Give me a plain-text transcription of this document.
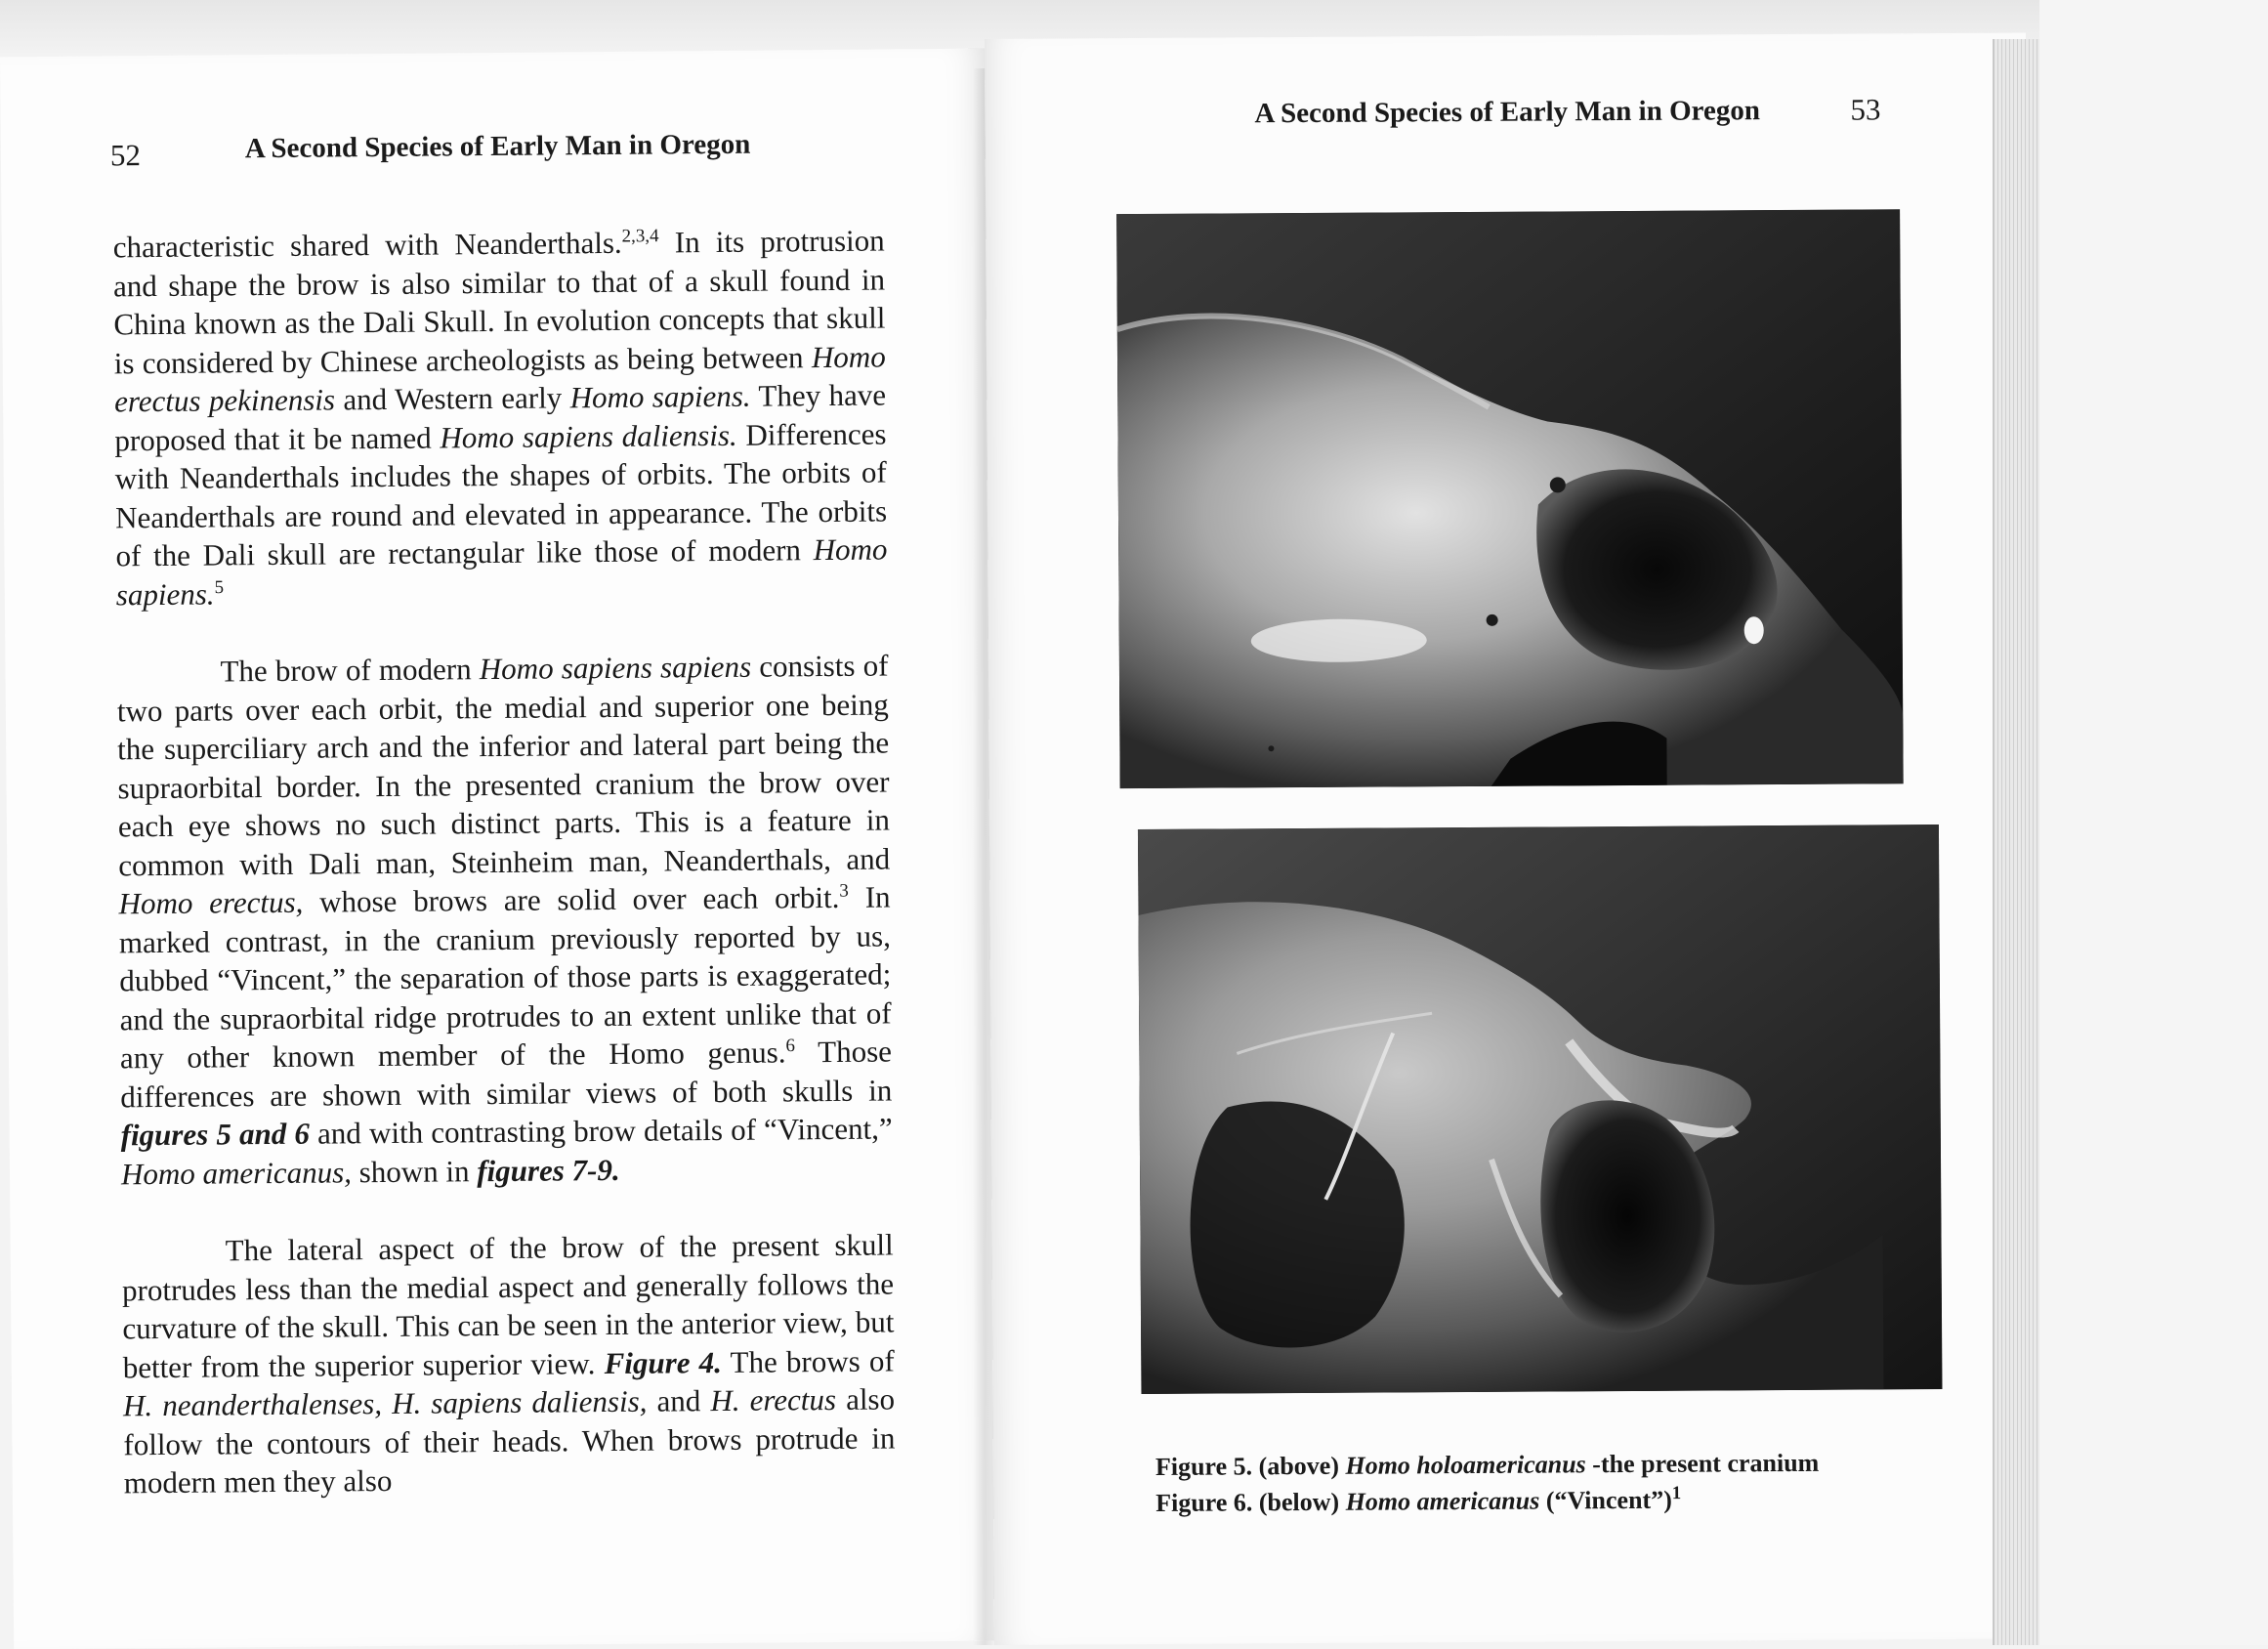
52	A Second Species of Early Man in Oregon

characteristic shared with Neanderthals.$^{2,3,4}$ In its protrusion and shape the brow is also similar to that of a skull found in China known as the Dali Skull. In evolution concepts that skull is considered by Chinese archeologists as being between Homo erectus pekinensis and Western early Homo sapiens. They have proposed that it be named Homo sapiens daliensis. Differences with Neanderthals includes the shapes of orbits. The orbits of Neanderthals are round and elevated in appearance. The orbits of the Dali skull are rectangular like those of modern Homo sapiens.$^5$

The brow of modern Homo sapiens sapiens consists of two parts over each orbit, the medial and superior one being the superciliary arch and the inferior and lateral part being the supraorbital border. In the presented cranium the brow over each eye shows no such distinct parts. This is a feature in common with Dali man, Steinheim man, Neanderthals, and Homo erectus, whose brows are solid over each orbit.$^3$ In marked contrast, in the cranium previously reported by us, dubbed “Vincent,” the separation of those parts is exaggerated; and the supraorbital ridge protrudes to an extent unlike that of any other known member of the Homo genus.$^6$ Those differences are shown with similar views of both skulls in figures 5 and 6 and with contrasting brow details of “Vincent,” Homo americanus, shown in figures 7-9.

The lateral aspect of the brow of the present skull protrudes less than the medial aspect and generally follows the curvature of the skull. This can be seen in the anterior view, but better from the superior superior view. Figure 4. The brows of H. neanderthalenses, H. sapiens daliensis, and H. erectus also follow the contours of their heads. When brows protrude in modern men they also

A Second Species of Early Man in Oregon	53
Figure 5. (above) Homo holoamericanus -the present cranium
Figure 6. (below) Homo americanus (“Vincent”)$^1$
